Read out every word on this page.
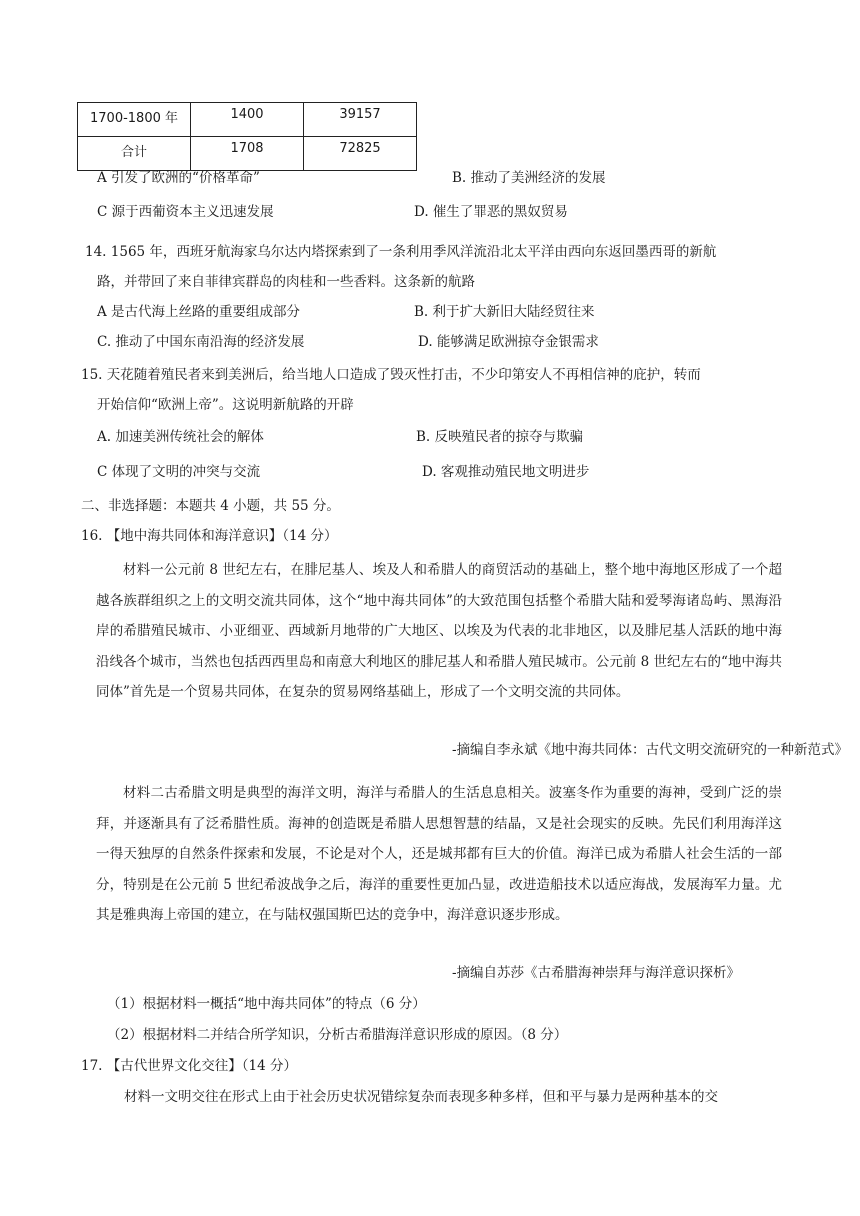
1700-1800 年	1400	39157
合计	1708	72825
A 引发了欧洲的“价格革命”	B. 推动了美洲经济的发展
C 源于西葡资本主义迅速发展	D. 催生了罪恶的黑奴贸易
14. 1565 年，西班牙航海家乌尔达内塔探索到了一条利用季风洋流沿北太平洋由西向东返回墨西哥的新航
路，并带回了来自菲律宾群岛的肉桂和一些香料。这条新的航路
A 是古代海上丝路的重要组成部分	B. 利于扩大新旧大陆经贸往来
C. 推动了中国东南沿海的经济发展	D. 能够满足欧洲掠夺金银需求
15. 天花随着殖民者来到美洲后，给当地人口造成了毁灭性打击，不少印第安人不再相信神的庇护，转而
开始信仰“欧洲上帝”。这说明新航路的开辟
A. 加速美洲传统社会的解体	B. 反映殖民者的掠夺与欺骗
C 体现了文明的冲突与交流	D. 客观推动殖民地文明进步
二、非选择题：本题共 4 小题，共 55 分。
16. 【地中海共同体和海洋意识】（14 分）
材料一公元前 8 世纪左右，在腓尼基人、埃及人和希腊人的商贸活动的基础上，整个地中海地区形成了一个超越各族群组织之上的文明交流共同体，这个“地中海共同体”的大致范围包括整个希腊大陆和爱琴海诸岛屿、黑海沿岸的希腊殖民城市、小亚细亚、西域新月地带的广大地区、以埃及为代表的北非地区，以及腓尼基人活跃的地中海沿线各个城市，当然也包括西西里岛和南意大利地区的腓尼基人和希腊人殖民城市。公元前 8 世纪左右的“地中海共同体”首先是一个贸易共同体，在复杂的贸易网络基础上，形成了一个文明交流的共同体。
-摘编自李永斌《地中海共同体：古代文明交流研究的一种新范式》
材料二古希腊文明是典型的海洋文明，海洋与希腊人的生活息息相关。波塞冬作为重要的海神，受到广泛的崇拜，并逐渐具有了泛希腊性质。海神的创造既是希腊人思想智慧的结晶，又是社会现实的反映。先民们利用海洋这一得天独厚的自然条件探索和发展，不论是对个人，还是城邦都有巨大的价值。海洋已成为希腊人社会生活的一部分，特别是在公元前 5 世纪希波战争之后，海洋的重要性更加凸显，改进造船技术以适应海战，发展海军力量。尤其是雅典海上帝国的建立，在与陆权强国斯巴达的竞争中，海洋意识逐步形成。
-摘编自苏莎《古希腊海神崇拜与海洋意识探析》
（1）根据材料一概括“地中海共同体”的特点（6 分）
（2）根据材料二并结合所学知识，分析古希腊海洋意识形成的原因。（8 分）
17. 【古代世界文化交往】（14 分）
材料一文明交往在形式上由于社会历史状况错综复杂而表现多种多样，但和平与暴力是两种基本的交
